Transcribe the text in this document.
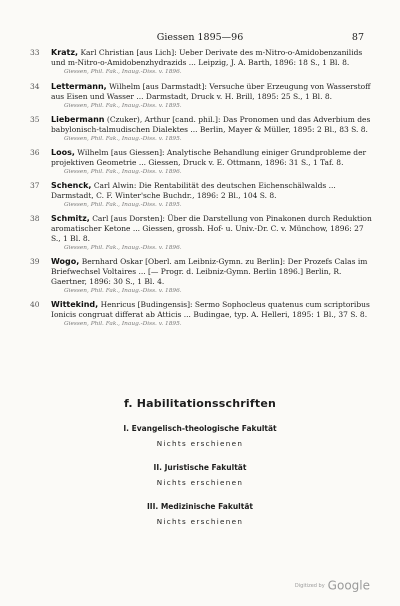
Giessen 1895—96	87
33 Kratz, Karl Christian [aus Lich]: Ueber Derivate des m-Nitro-o-Amidobenzanilids und m-Nitro-o-Amidobenzhydrazids ... Leipzig, J. A. Barth, 1896: 18 S., 1 Bl. 8.
Giessen, Phil. Fak., Inaug.-Diss. v. 1896.
34 Lettermann, Wilhelm [aus Darmstadt]: Versuche über Erzeugung von Wasserstoff aus Eisen und Wasser ... Darmstadt, Druck v. H. Brill, 1895: 25 S., 1 Bl. 8.
Giessen, Phil. Fak., Inaug.-Diss. v. 1895.
35 Liebermann (Czuker), Arthur [cand. phil.]: Das Pronomen und das Adverbium des babylonisch-talmudischen Dialektes ... Berlin, Mayer & Müller, 1895: 2 Bl., 83 S. 8.
Giessen, Phil. Fak., Inaug.-Diss. v. 1895.
36 Loos, Wilhelm [aus Giessen]: Analytische Behandlung einiger Grundprobleme der projektiven Geometrie ... Giessen, Druck v. E. Ottmann, 1896: 31 S., 1 Taf. 8.
Giessen, Phil. Fak., Inaug.-Diss. v. 1896.
37 Schenck, Carl Alwin: Die Rentabilität des deutschen Eichenschälwalds ... Darmstadt, C. F. Winter'sche Buchdr., 1896: 2 Bl., 104 S. 8.
Giessen, Phil. Fak., Inaug.-Diss. v. 1895.
38 Schmitz, Carl [aus Dorsten]: Über die Darstellung von Pinakonen durch Reduktion aromatischer Ketone ... Giessen, grossh. Hof- u. Univ.-Dr. C. v. Münchow, 1896: 27 S., 1 Bl. 8.
Giessen, Phil. Fak., Inaug.-Diss. v. 1896.
39 Wogo, Bernhard Oskar [Oberl. am Leibniz-Gymn. zu Berlin]: Der Prozefs Calas im Briefwechsel Voltaires ... [— Progr. d. Leibniz-Gymn. Berlin 1896.] Berlin, R. Gaertner, 1896: 30 S., 1 Bl. 4.
Giessen, Phil. Fak., Inaug.-Diss. v. 1896.
40 Wittekind, Henricus [Budingensis]: Sermo Sophocleus quatenus cum scriptoribus Ionicis congruat differat ab Atticis ... Budingae, typ. A. Helleri, 1895: 1 Bl., 37 S. 8.
Giessen, Phil. Fak., Inaug.-Diss. v. 1895.
f. Habilitationsschriften
I. Evangelisch-theologische Fakultät
Nichts erschienen
II. Juristische Fakultät
Nichts erschienen
III. Medizinische Fakultät
Nichts erschienen
Digitized by Google
